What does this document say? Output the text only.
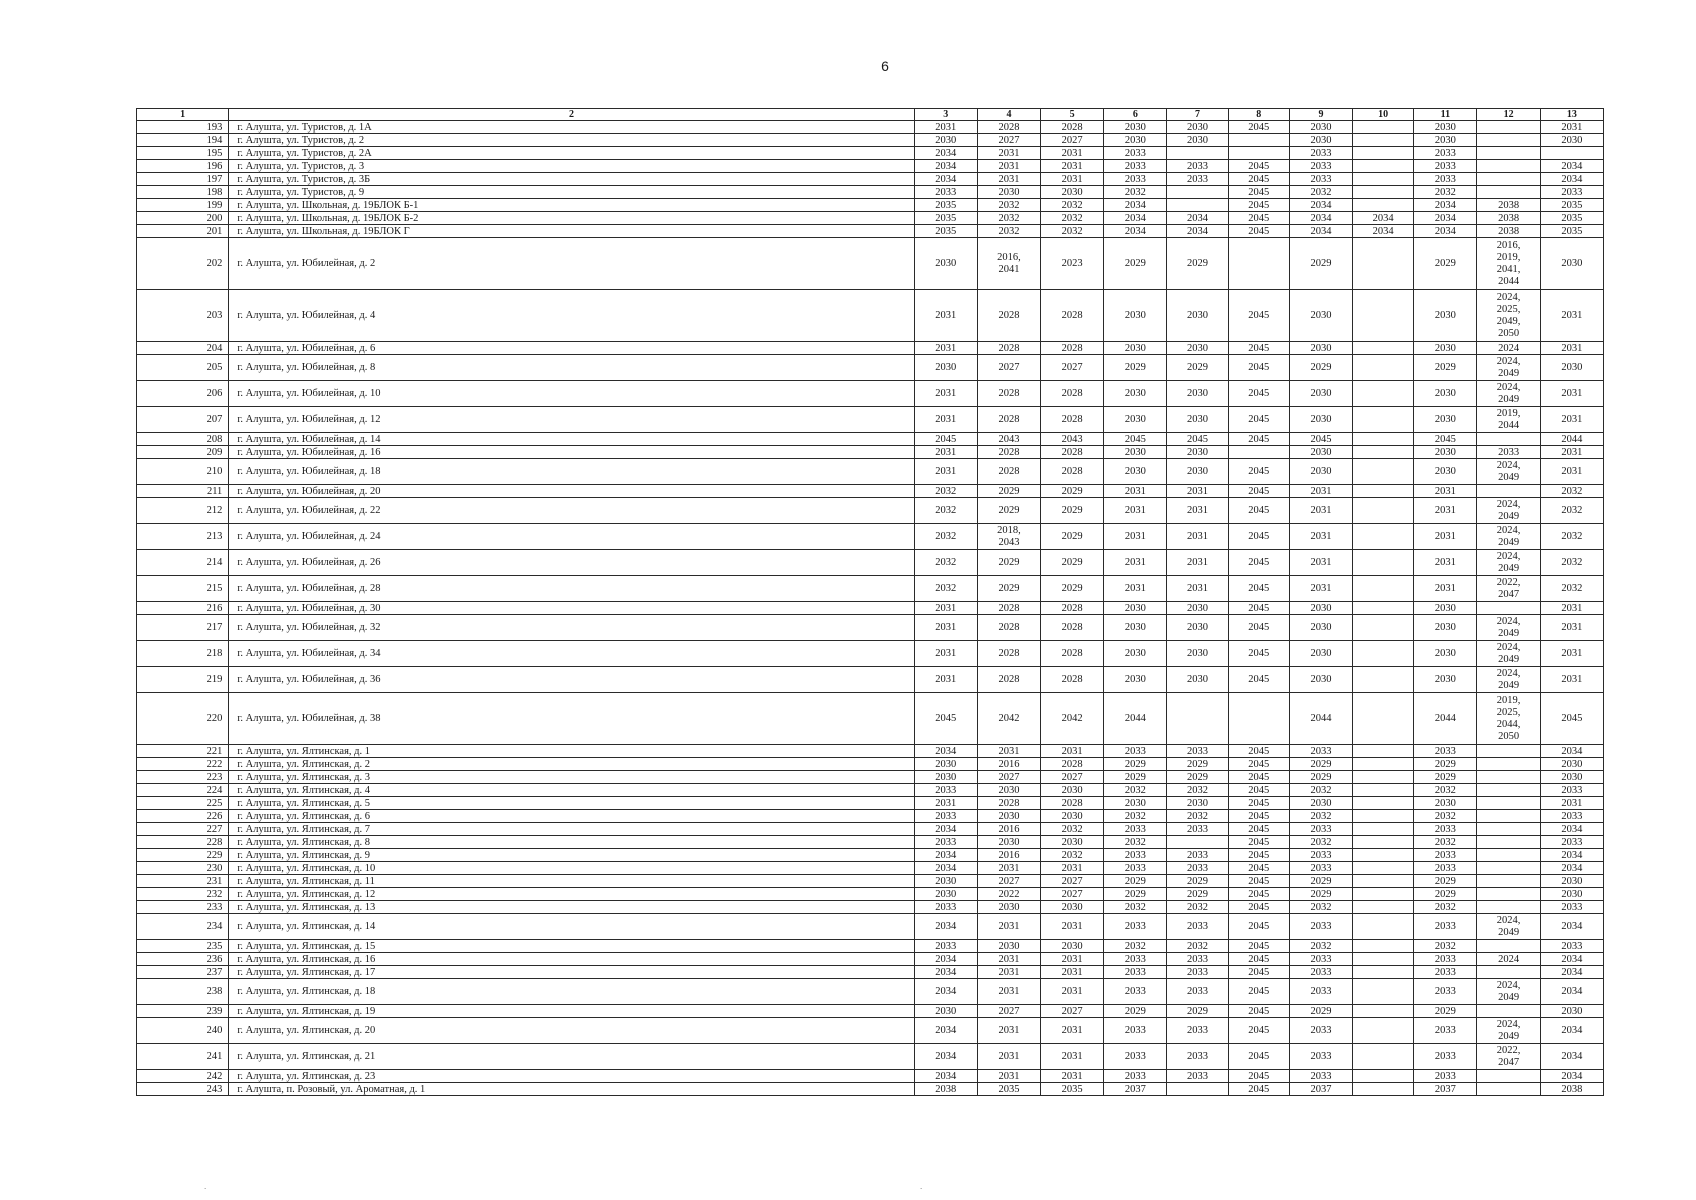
6
1	2	3	4	5	6	7	8	9	10	11	12	13
193	г. Алушта, ул. Туристов, д. 1А	2031	2028	2028	2030	2030	2045	2030		2030		2031
194	г. Алушта, ул. Туристов, д. 2	2030	2027	2027	2030	2030		2030		2030		2030
195	г. Алушта, ул. Туристов, д. 2А	2034	2031	2031	2033			2033		2033		
196	г. Алушта, ул. Туристов, д. 3	2034	2031	2031	2033	2033	2045	2033		2033		2034
197	г. Алушта, ул. Туристов, д. 3Б	2034	2031	2031	2033	2033	2045	2033		2033		2034
198	г. Алушта, ул. Туристов, д. 9	2033	2030	2030	2032		2045	2032		2032		2033
199	г. Алушта, ул. Школьная, д. 19БЛОК Б-1	2035	2032	2032	2034		2045	2034		2034	2038	2035
200	г. Алушта, ул. Школьная, д. 19БЛОК Б-2	2035	2032	2032	2034	2034	2045	2034	2034	2034	2038	2035
201	г. Алушта, ул. Школьная, д. 19БЛОК Г	2035	2032	2032	2034	2034	2045	2034	2034	2034	2038	2035
202	г. Алушта, ул. Юбилейная, д. 2	2030	2016,
2041	2023	2029	2029		2029		2029	2016,
2019,
2041,
2044	2030
203	г. Алушта, ул. Юбилейная, д. 4	2031	2028	2028	2030	2030	2045	2030		2030	2024,
2025,
2049,
2050	2031
204	г. Алушта, ул. Юбилейная, д. 6	2031	2028	2028	2030	2030	2045	2030		2030	2024	2031
205	г. Алушта, ул. Юбилейная, д. 8	2030	2027	2027	2029	2029	2045	2029		2029	2024,
2049	2030
206	г. Алушта, ул. Юбилейная, д. 10	2031	2028	2028	2030	2030	2045	2030		2030	2024,
2049	2031
207	г. Алушта, ул. Юбилейная, д. 12	2031	2028	2028	2030	2030	2045	2030		2030	2019,
2044	2031
208	г. Алушта, ул. Юбилейная, д. 14	2045	2043	2043	2045	2045	2045	2045		2045		2044
209	г. Алушта, ул. Юбилейная, д. 16	2031	2028	2028	2030	2030		2030		2030	2033	2031
210	г. Алушта, ул. Юбилейная, д. 18	2031	2028	2028	2030	2030	2045	2030		2030	2024,
2049	2031
211	г. Алушта, ул. Юбилейная, д. 20	2032	2029	2029	2031	2031	2045	2031		2031		2032
212	г. Алушта, ул. Юбилейная, д. 22	2032	2029	2029	2031	2031	2045	2031		2031	2024,
2049	2032
213	г. Алушта, ул. Юбилейная, д. 24	2032	2018,
2043	2029	2031	2031	2045	2031		2031	2024,
2049	2032
214	г. Алушта, ул. Юбилейная, д. 26	2032	2029	2029	2031	2031	2045	2031		2031	2024,
2049	2032
215	г. Алушта, ул. Юбилейная, д. 28	2032	2029	2029	2031	2031	2045	2031		2031	2022,
2047	2032
216	г. Алушта, ул. Юбилейная, д. 30	2031	2028	2028	2030	2030	2045	2030		2030		2031
217	г. Алушта, ул. Юбилейная, д. 32	2031	2028	2028	2030	2030	2045	2030		2030	2024,
2049	2031
218	г. Алушта, ул. Юбилейная, д. 34	2031	2028	2028	2030	2030	2045	2030		2030	2024,
2049	2031
219	г. Алушта, ул. Юбилейная, д. 36	2031	2028	2028	2030	2030	2045	2030		2030	2024,
2049	2031
220	г. Алушта, ул. Юбилейная, д. 38	2045	2042	2042	2044			2044		2044	2019,
2025,
2044,
2050	2045
221	г. Алушта, ул. Ялтинская, д. 1	2034	2031	2031	2033	2033	2045	2033		2033		2034
222	г. Алушта, ул. Ялтинская, д. 2	2030	2016	2028	2029	2029	2045	2029		2029		2030
223	г. Алушта, ул. Ялтинская, д. 3	2030	2027	2027	2029	2029	2045	2029		2029		2030
224	г. Алушта, ул. Ялтинская, д. 4	2033	2030	2030	2032	2032	2045	2032		2032		2033
225	г. Алушта, ул. Ялтинская, д. 5	2031	2028	2028	2030	2030	2045	2030		2030		2031
226	г. Алушта, ул. Ялтинская, д. 6	2033	2030	2030	2032	2032	2045	2032		2032		2033
227	г. Алушта, ул. Ялтинская, д. 7	2034	2016	2032	2033	2033	2045	2033		2033		2034
228	г. Алушта, ул. Ялтинская, д. 8	2033	2030	2030	2032		2045	2032		2032		2033
229	г. Алушта, ул. Ялтинская, д. 9	2034	2016	2032	2033	2033	2045	2033		2033		2034
230	г. Алушта, ул. Ялтинская, д. 10	2034	2031	2031	2033	2033	2045	2033		2033		2034
231	г. Алушта, ул. Ялтинская, д. 11	2030	2027	2027	2029	2029	2045	2029		2029		2030
232	г. Алушта, ул. Ялтинская, д. 12	2030	2022	2027	2029	2029	2045	2029		2029		2030
233	г. Алушта, ул. Ялтинская, д. 13	2033	2030	2030	2032	2032	2045	2032		2032		2033
234	г. Алушта, ул. Ялтинская, д. 14	2034	2031	2031	2033	2033	2045	2033		2033	2024,
2049	2034
235	г. Алушта, ул. Ялтинская, д. 15	2033	2030	2030	2032	2032	2045	2032		2032		2033
236	г. Алушта, ул. Ялтинская, д. 16	2034	2031	2031	2033	2033	2045	2033		2033	2024	2034
237	г. Алушта, ул. Ялтинская, д. 17	2034	2031	2031	2033	2033	2045	2033		2033		2034
238	г. Алушта, ул. Ялтинская, д. 18	2034	2031	2031	2033	2033	2045	2033		2033	2024,
2049	2034
239	г. Алушта, ул. Ялтинская, д. 19	2030	2027	2027	2029	2029	2045	2029		2029		2030
240	г. Алушта, ул. Ялтинская, д. 20	2034	2031	2031	2033	2033	2045	2033		2033	2024,
2049	2034
241	г. Алушта, ул. Ялтинская, д. 21	2034	2031	2031	2033	2033	2045	2033		2033	2022,
2047	2034
242	г. Алушта, ул. Ялтинская, д. 23	2034	2031	2031	2033	2033	2045	2033		2033		2034
243	г. Алушта, п. Розовый, ул. Ароматная, д. 1	2038	2035	2035	2037		2045	2037		2037		2038
.	.
